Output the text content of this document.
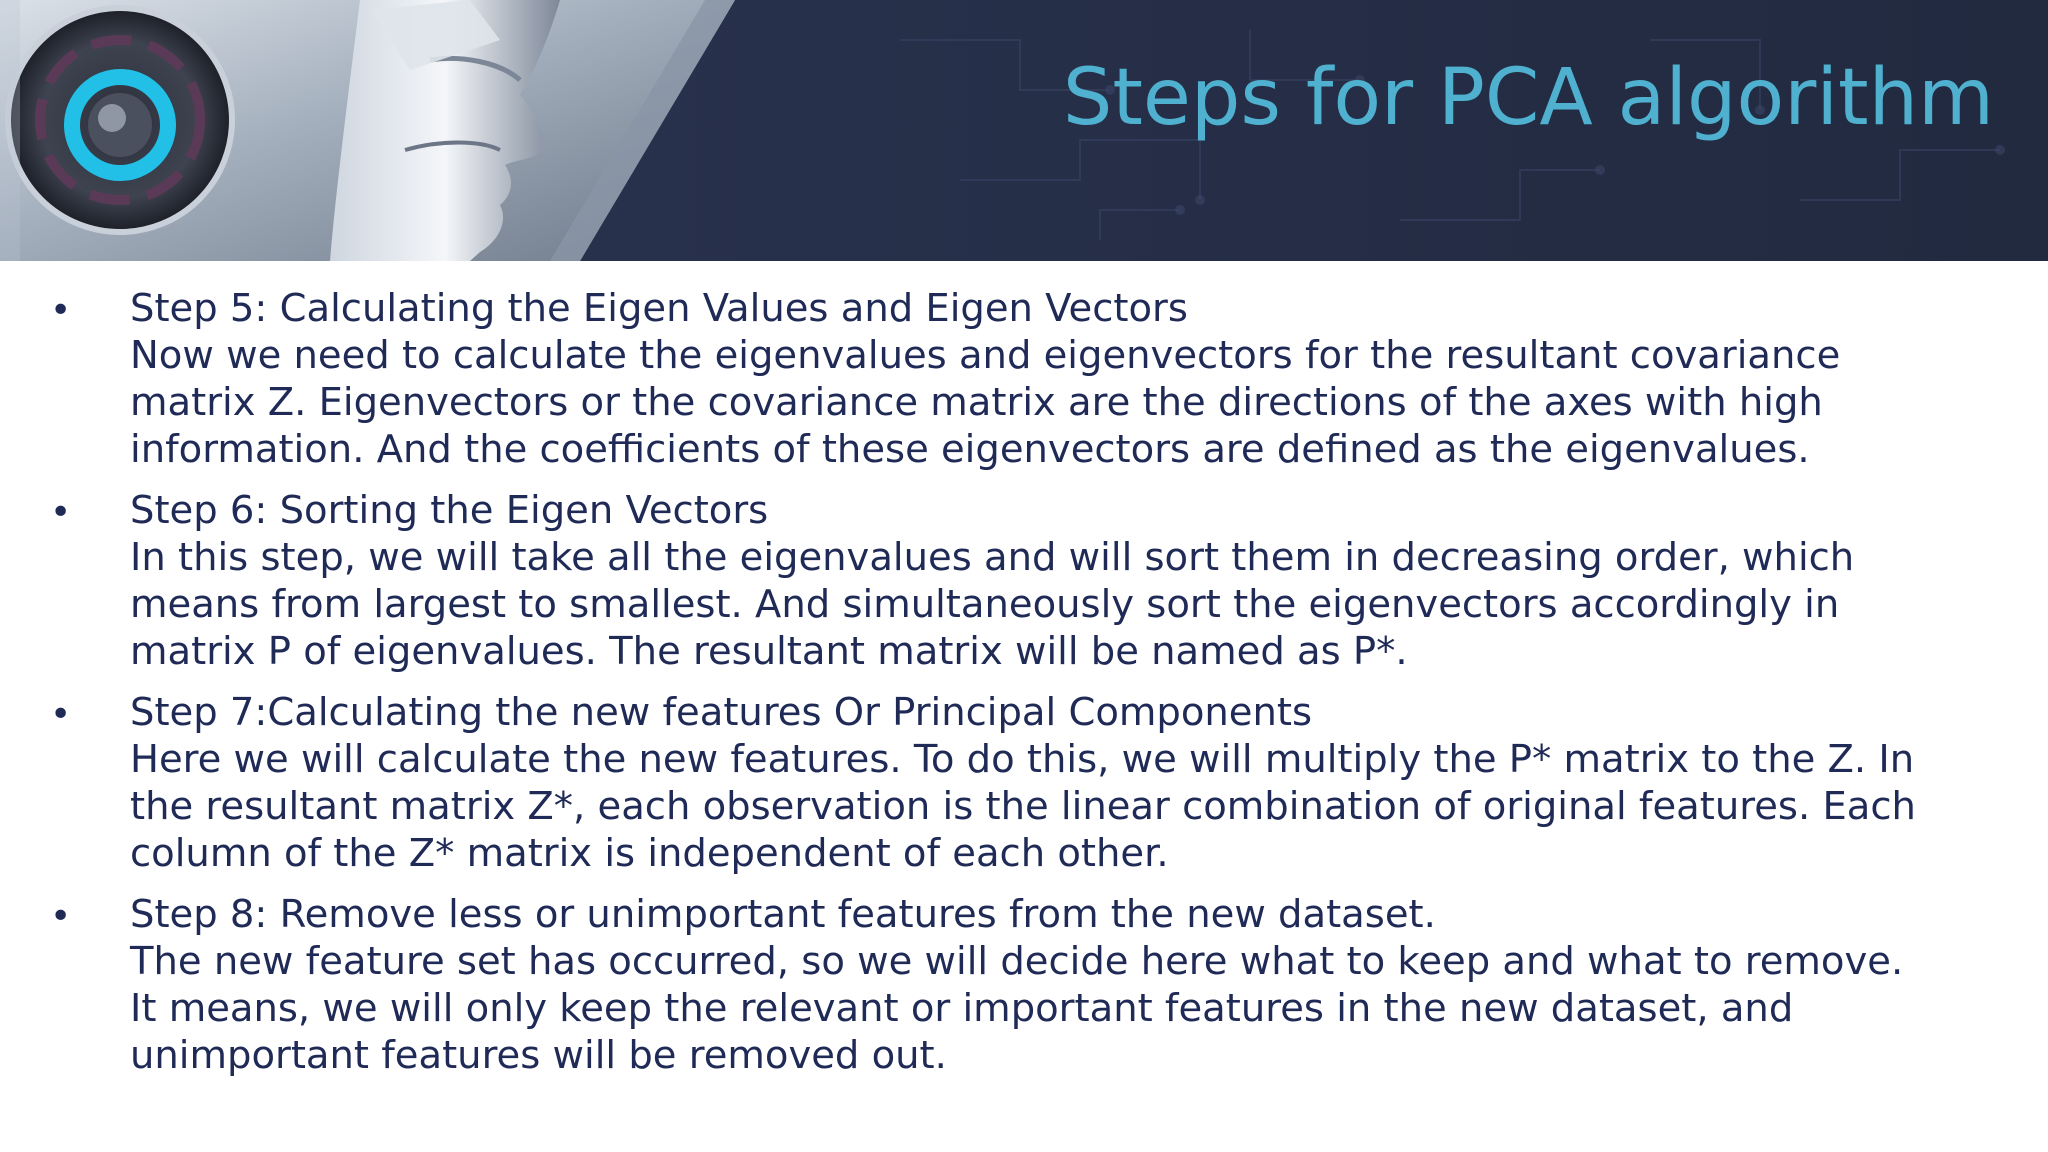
Steps for PCA algorithm
• Step 5: Calculating the Eigen Values and Eigen Vectors
Now we need to calculate the eigenvalues and eigenvectors for the resultant covariance
matrix Z. Eigenvectors or the covariance matrix are the directions of the axes with high
information. And the coefficients of these eigenvectors are defined as the eigenvalues.
• Step 6: Sorting the Eigen Vectors
In this step, we will take all the eigenvalues and will sort them in decreasing order, which
means from largest to smallest. And simultaneously sort the eigenvectors accordingly in
matrix P of eigenvalues. The resultant matrix will be named as P*.
• Step 7:Calculating the new features Or Principal Components
Here we will calculate the new features. To do this, we will multiply the P* matrix to the Z. In
the resultant matrix Z*, each observation is the linear combination of original features. Each
column of the Z* matrix is independent of each other.
• Step 8: Remove less or unimportant features from the new dataset.
The new feature set has occurred, so we will decide here what to keep and what to remove.
It means, we will only keep the relevant or important features in the new dataset, and
unimportant features will be removed out.
